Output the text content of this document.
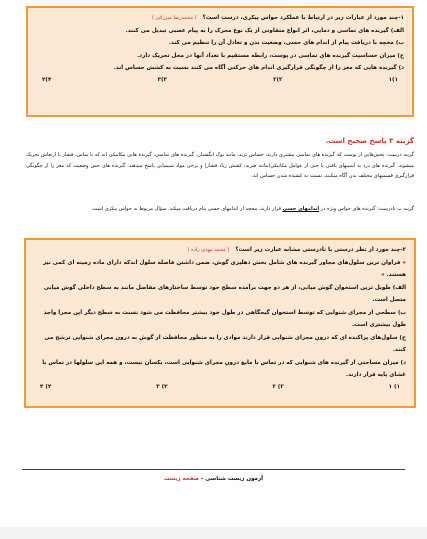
۱-چند مورد از عبارات زیر در ارتباط با عملکرد حواس پیکری، درست است؟ ( محمدرضا میرزائی )
الف) گیرنده های تماسی و دمایی، اثر انواع متفاوتی از یک نوع محرک را به پیام عصبی تبدیل می کنند.
ب) مخچه با دریافت پیام از اندام های حسی، وضعیت بدن و تعادل آن را تنظیم می کند.
ج) میزان حساسیت گیرنده های تماسی در پوست، رابطه مستقیم با تعداد آنها در محل تحریک دارد.
د) گیرنده هایی که مغز را از چگونگی قرارگیری اندام های حرکتی آگاه می کنند نسبت به کشش حساس اند.
۱)۱
۲)۲
۳)۳
۴)۴
گزینه ۳ پاسخ صحیح است.
گزینه درست: بخش‌هایی از پوست که گیرنده های تماسی بیشتری دارند، حساس ترند، مانند نوک انگشتان. گیرنده های تماسی، گیرنده هایی مکانیکی اند که با تماس، فشار یا ارتعاش تحریک میشوند. گیرنده های درد به آسیبهای بافتی یا حتی از عوامل مکانیکی(مانند ضربه، کشش زیاد فشار) و برخی مواد شیمیایی پاسخ میدهند. گیرنده های حس وضعیت که مغز را از چگونگی قرارگیری قسمتهای مختلف بدن آگاه میکنند، نسبت به کشیده شدن حساس اند.
گزینه ب نادرست: گیرنده های حواس ویژه در اندامهای حسی قرار دارند. مخچه از اندامهای حسی پیام دریافت میکند. سؤال مربوط به حواس پیکری است.
۲-چند مورد از نظر درستی یا نادرستی مشابه عبارت زیر است؟ ( محمد مهدی زاده )
« فراوان ترین سلول‌های مجاور گیرنده های شامل بخش دهلیزی گوش، ضمن داشتن فاصله سلول اندکه دارای ماده زمینه ای کمی نیز هستند. »
الف) طویل ترین استخوان گوش میانی، از هر دو جهت برآمده سطح خود توسط ساختارهای مفاصل مانند به سطح داخلی گوش میانی متصل است.
ب) سطحی از مجرای شنوایی که توسط استخوان گیجگاهی در طول خود بیشتر محافظت می شود نسبت به سطح دیگر این مجرا واجد طول بیشتری است.
ج) سلول‌های پراکنده ای که درون مجرای شنوایی قرار دارند موادی را به منظور محافظت از گوش به درون مجرای شنوایی ترشح می کنند.
د) میزان مساحتی از گیرنده های شنوایی که در تماس با مایع درون مجرای شنوایی است، یکسان نیست، و همه این سلولها در تماس با غشای پایه قرار دارند.
۱) ۱
۲) ۲
۳) ۳
۴) ۴
آزمون زیست شناسی - صفحه زیست
